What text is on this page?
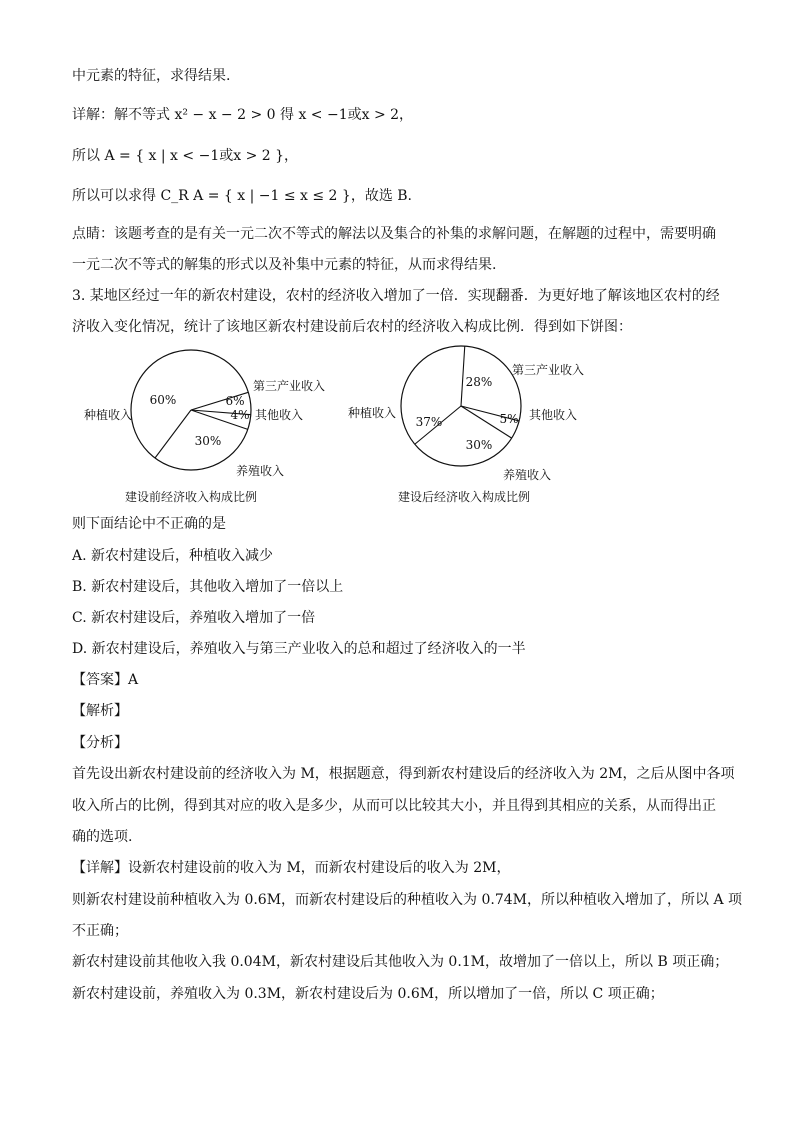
中元素的特征，求得结果.
详解：解不等式 x² − x − 2 > 0 得 x < −1或x > 2，
所以 A = { x | x < −1或x > 2 }，
所以可以求得 C_R A = { x | −1 ≤ x ≤ 2 }，故选 B.
点睛：该题考查的是有关一元二次不等式的解法以及集合的补集的求解问题，在解题的过程中，需要明确
一元二次不等式的解集的形式以及补集中元素的特征，从而求得结果.
3. 某地区经过一年的新农村建设，农村的经济收入增加了一倍．实现翻番．为更好地了解该地区农村的经
济收入变化情况，统计了该地区新农村建设前后农村的经济收入构成比例．得到如下饼图：
60%
种植收入
6%
第三产业收入
4% 其他收入
30%
养殖收入
建设前经济收入构成比例
37%
种植收入
28%
第三产业收入
5% 其他收入
30%
养殖收入
建设后经济收入构成比例
则下面结论中不正确的是
A. 新农村建设后，种植收入减少
B. 新农村建设后，其他收入增加了一倍以上
C. 新农村建设后，养殖收入增加了一倍
D. 新农村建设后，养殖收入与第三产业收入的总和超过了经济收入的一半
【答案】A
【解析】
【分析】
首先设出新农村建设前的经济收入为 M，根据题意，得到新农村建设后的经济收入为 2M，之后从图中各项
收入所占的比例，得到其对应的收入是多少，从而可以比较其大小，并且得到其相应的关系，从而得出正
确的选项.
【详解】设新农村建设前的收入为 M，而新农村建设后的收入为 2M，
则新农村建设前种植收入为 0.6M，而新农村建设后的种植收入为 0.74M，所以种植收入增加了，所以 A 项
不正确；
新农村建设前其他收入我 0.04M，新农村建设后其他收入为 0.1M，故增加了一倍以上，所以 B 项正确；
新农村建设前，养殖收入为 0.3M，新农村建设后为 0.6M，所以增加了一倍，所以 C 项正确；
